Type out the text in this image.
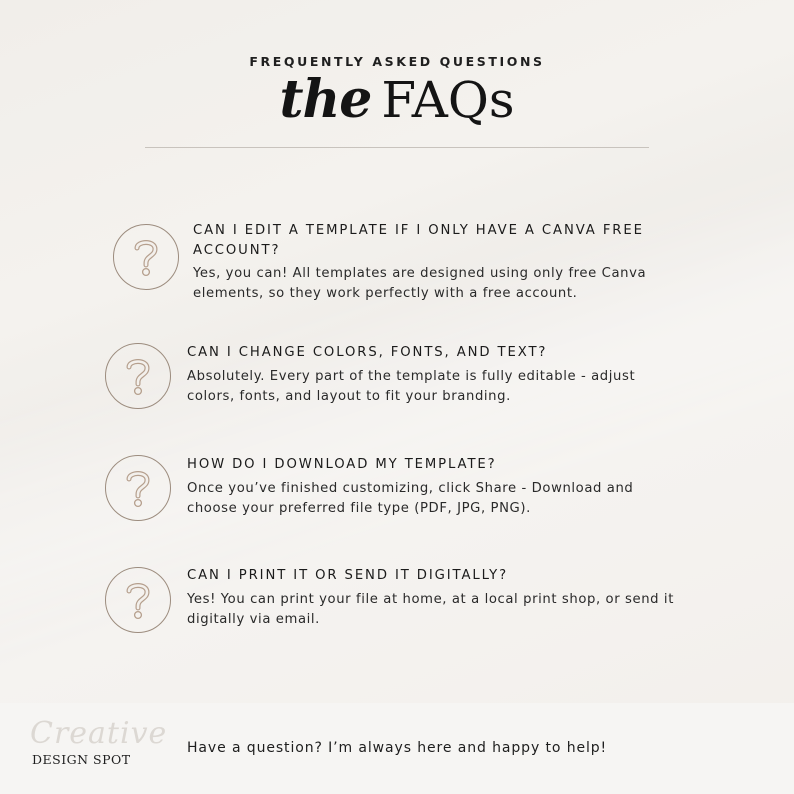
FREQUENTLY ASKED QUESTIONS
the FAQs
CAN I EDIT A TEMPLATE IF I ONLY HAVE A CANVA FREE
ACCOUNT?
Yes, you can! All templates are designed using only free Canva
elements, so they work perfectly with a free account.
CAN I CHANGE COLORS, FONTS, AND TEXT?
Absolutely. Every part of the template is fully editable - adjust
colors, fonts, and layout to fit your branding.
HOW DO I DOWNLOAD MY TEMPLATE?
Once you’ve finished customizing, click Share - Download and
choose your preferred file type (PDF, JPG, PNG).
CAN I PRINT IT OR SEND IT DIGITALLY?
Yes! You can print your file at home, at a local print shop, or send it
digitally via email.
Creative
DESIGN SPOT
Have a question? I’m always here and happy to help!
